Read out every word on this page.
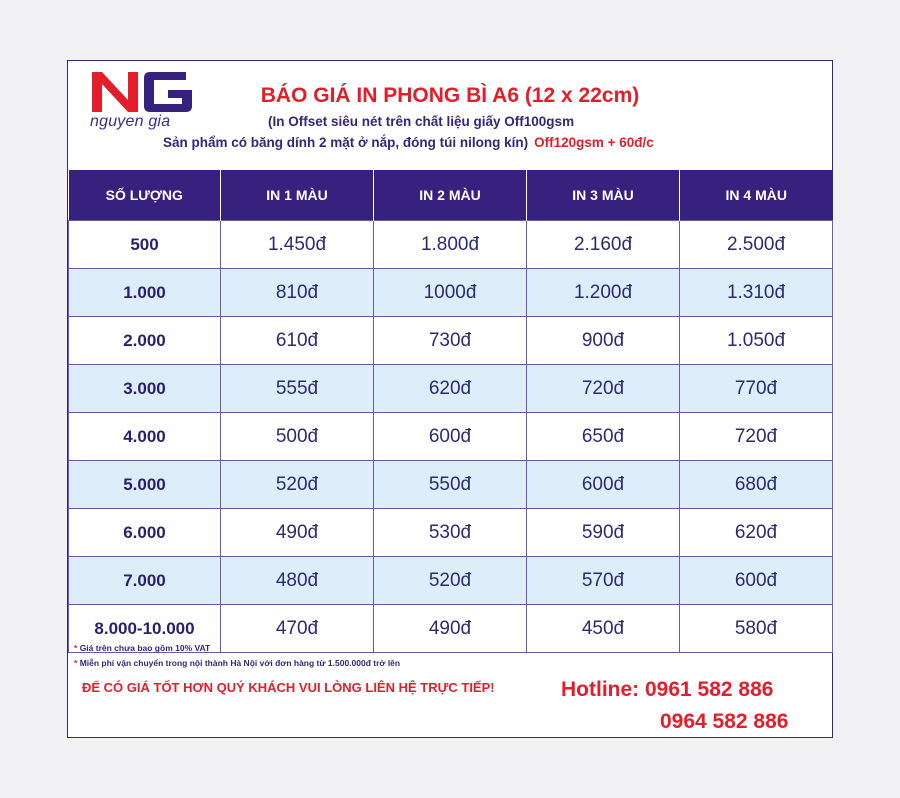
nguyen gia
BÁO GIÁ IN PHONG BÌ A6 (12 x 22cm)
(In Offset siêu nét trên chất liệu giấy Off100gsm
Sản phẩm có băng dính 2 mặt ở nắp, đóng túi nilong kín) Off120gsm + 60đ/c
SỐ LƯỢNG	IN 1 MÀU	IN 2 MÀU	IN 3 MÀU	IN 4 MÀU
500	1.450đ	1.800đ	2.160đ	2.500đ
1.000	810đ	1000đ	1.200đ	1.310đ
2.000	610đ	730đ	900đ	1.050đ
3.000	555đ	620đ	720đ	770đ
4.000	500đ	600đ	650đ	720đ
5.000	520đ	550đ	600đ	680đ
6.000	490đ	530đ	590đ	620đ
7.000	480đ	520đ	570đ	600đ
8.000-10.000	470đ	490đ	450đ	580đ
* Giá trên chưa bao gồm 10% VAT
* Miễn phí vận chuyển trong nội thành Hà Nội với đơn hàng từ 1.500.000đ trở lên
ĐỂ CÓ GIÁ TỐT HƠN QUÝ KHÁCH VUI LÒNG LIÊN HỆ TRỰC TIẾP!	Hotline: 0961 582 886
0964 582 886
